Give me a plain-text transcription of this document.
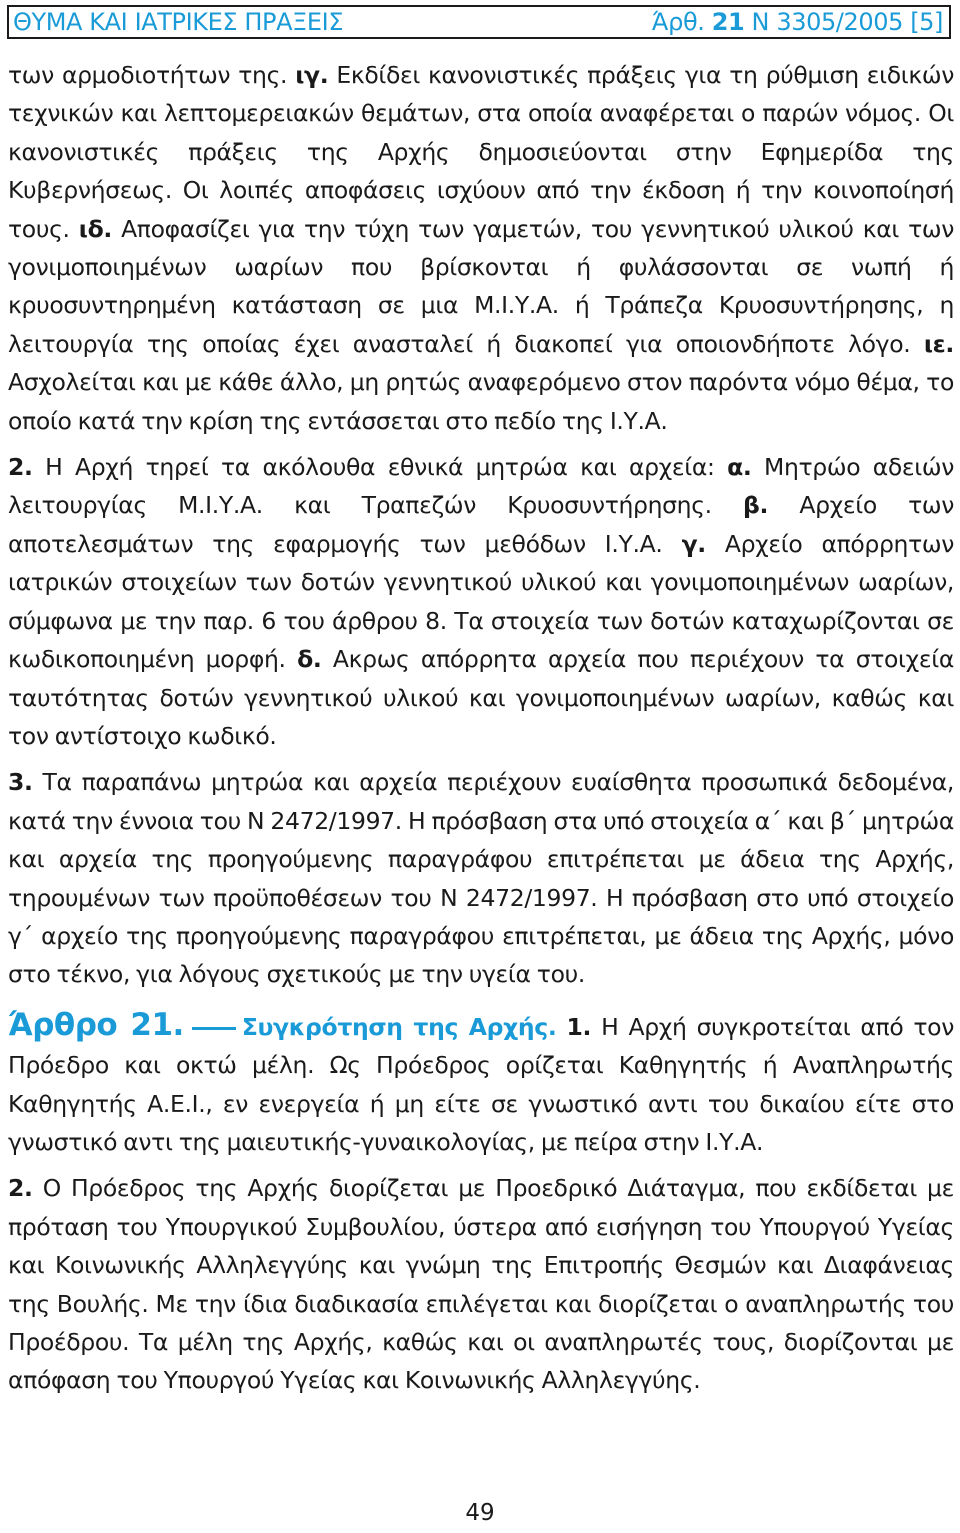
ΘΥΜΑ ΚΑΙ ΙΑΤΡΙΚΕΣ ΠΡΑΞΕΙΣ	Άρθ. 21 Ν 3305/2005 [5]

των αρμοδιοτήτων της. ιγ. Εκδίδει κανονιστικές πράξεις για τη ρύθμιση ειδικών τεχνικών και λεπτομερειακών θεμάτων, στα οποία αναφέρεται ο παρών νόμος. Οι κανονιστικές πράξεις της Αρχής δημοσιεύονται στην Εφημερίδα της Κυβερνήσεως. Οι λοιπές αποφάσεις ισχύουν από την έκδοση ή την κοινοποίησή τους. ιδ. Αποφασίζει για την τύχη των γαμετών, του γεννητικού υλικού και των γονιμοποιημένων ωαρίων που βρίσκονται ή φυλάσσονται σε νωπή ή κρυοσυντηρημένη κατάσταση σε μια Μ.Ι.Υ.Α. ή Τράπεζα Κρυοσυντήρησης, η λειτουργία της οποίας έχει ανασταλεί ή διακοπεί για οποιονδήποτε λόγο. ιε. Ασχολείται και με κάθε άλλο, μη ρητώς αναφερόμενο στον παρόντα νόμο θέμα, το οποίο κατά την κρίση της εντάσσεται στο πεδίο της Ι.Υ.Α.

2. Η Αρχή τηρεί τα ακόλουθα εθνικά μητρώα και αρχεία: α. Μητρώο αδειών λειτουργίας Μ.Ι.Υ.Α. και Τραπεζών Κρυοσυντήρησης. β. Αρχείο των αποτελεσμάτων της εφαρμογής των μεθόδων Ι.Υ.Α. γ. Αρχείο απόρρητων ιατρικών στοιχείων των δοτών γεννητικού υλικού και γονιμοποιημένων ωαρίων, σύμφωνα με την παρ. 6 του άρθρου 8. Τα στοιχεία των δοτών καταχωρίζονται σε κωδικοποιημένη μορφή. δ. Ακρως απόρρητα αρχεία που περιέχουν τα στοιχεία ταυτότητας δοτών γεννητικού υλικού και γονιμοποιημένων ωαρίων, καθώς και τον αντίστοιχο κωδικό.

3. Τα παραπάνω μητρώα και αρχεία περιέχουν ευαίσθητα προσωπικά δεδομένα, κατά την έννοια του Ν 2472/1997. Η πρόσβαση στα υπό στοιχεία α΄ και β΄ μητρώα και αρχεία της προηγούμενης παραγράφου επιτρέπεται με άδεια της Αρχής, τηρουμένων των προϋποθέσεων του Ν 2472/1997. Η πρόσβαση στο υπό στοιχείο γ΄ αρχείο της προηγούμενης παραγράφου επιτρέπεται, με άδεια της Αρχής, μόνο στο τέκνο, για λόγους σχετικούς με την υγεία του.

Άρθρο 21. Συγκρότηση της Αρχής. 1. Η Αρχή συγκροτείται από τον Πρόεδρο και οκτώ μέλη. Ως Πρόεδρος ορίζεται Καθηγητής ή Αναπληρωτής Καθηγητής Α.Ε.Ι., εν ενεργεία ή μη είτε σε γνωστικό αντι του δικαίου είτε στο γνωστικό αντι της μαιευτικής-γυναικολογίας, με πείρα στην Ι.Υ.Α.

2. Ο Πρόεδρος της Αρχής διορίζεται με Προεδρικό Διάταγμα, που εκδίδεται με πρόταση του Υπουργικού Συμβουλίου, ύστερα από εισήγηση του Υπουργού Υγείας και Κοινωνικής Αλληλεγγύης και γνώμη της Επιτροπής Θεσμών και Διαφάνειας της Βουλής. Με την ίδια διαδικασία επιλέγεται και διορίζεται ο αναπληρωτής του Προέδρου. Τα μέλη της Αρχής, καθώς και οι αναπληρωτές τους, διορίζονται με απόφαση του Υπουργού Υγείας και Κοινωνικής Αλληλεγγύης.

49
